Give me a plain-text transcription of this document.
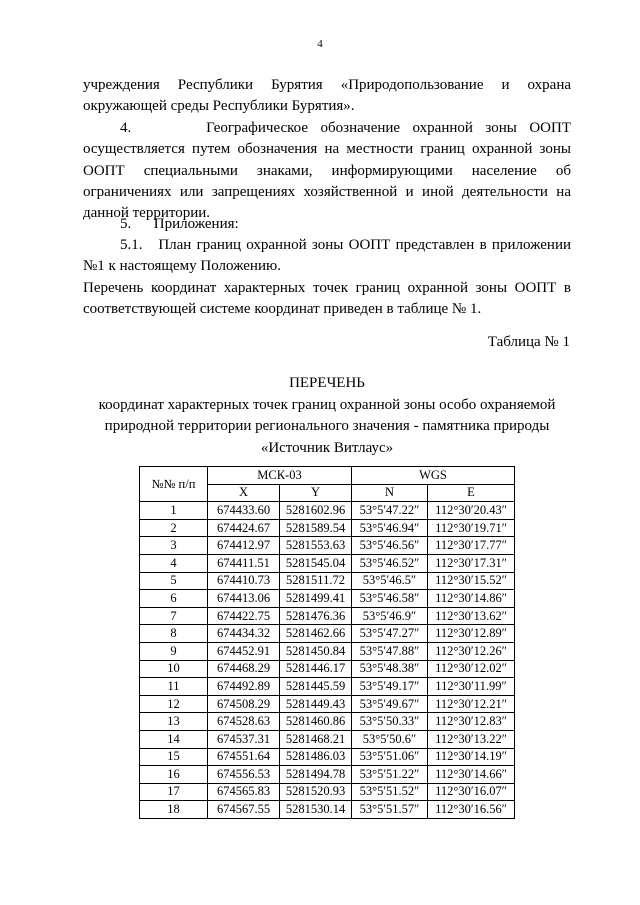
4
учреждения Республики Бурятия «Природопользование и охрана
окружающей среды Республики Бурятия».
4.      Географическое обозначение охранной зоны ООПТ осуществляется путем обозначения на местности границ охранной зоны ООПТ специальными знаками, информирующими население об ограничениях или запрещениях хозяйственной и иной деятельности на данной территории.
5.      Приложения:
5.1.   План границ охранной зоны ООПТ представлен в приложении №1 к настоящему Положению.
Перечень координат характерных точек границ охранной зоны ООПТ в соответствующей системе координат приведен в таблице № 1.
Таблица № 1
ПЕРЕЧЕНЬ
координат характерных точек границ охранной зоны особо охраняемой
природной территории регионального значения - памятника природы
«Источник Витлаус»
№№ п/п	МСК-03		WGS	
	X	Y	N	E
1	674433.60	5281602.96	53°5′47.22″	112°30′20.43″
2	674424.67	5281589.54	53°5′46.94″	112°30′19.71″
3	674412.97	5281553.63	53°5′46.56″	112°30′17.77″
4	674411.51	5281545.04	53°5′46.52″	112°30′17.31″
5	674410.73	5281511.72	53°5′46.5″	112°30′15.52″
6	674413.06	5281499.41	53°5′46.58″	112°30′14.86″
7	674422.75	5281476.36	53°5′46.9″	112°30′13.62″
8	674434.32	5281462.66	53°5′47.27″	112°30′12.89″
9	674452.91	5281450.84	53°5′47.88″	112°30′12.26″
10	674468.29	5281446.17	53°5′48.38″	112°30′12.02″
11	674492.89	5281445.59	53°5′49.17″	112°30′11.99″
12	674508.29	5281449.43	53°5′49.67″	112°30′12.21″
13	674528.63	5281460.86	53°5′50.33″	112°30′12.83″
14	674537.31	5281468.21	53°5′50.6″	112°30′13.22″
15	674551.64	5281486.03	53°5′51.06″	112°30′14.19″
16	674556.53	5281494.78	53°5′51.22″	112°30′14.66″
17	674565.83	5281520.93	53°5′51.52″	112°30′16.07″
18	674567.55	5281530.14	53°5′51.57″	112°30′16.56″
